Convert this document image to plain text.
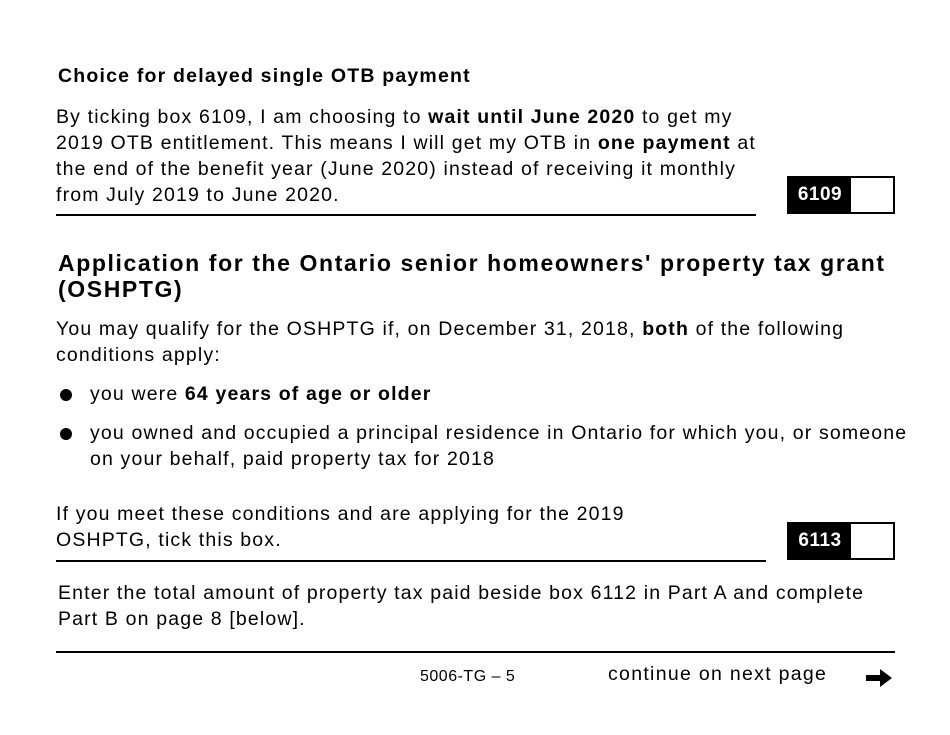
Choice for delayed single OTB payment

By ticking box 6109, I am choosing to wait until June 2020 to get my 2019 OTB entitlement. This means I will get my OTB in one payment at the end of the benefit year (June 2020) instead of receiving it monthly from July 2019 to June 2020.	6109
Application for the Ontario senior homeowners' property tax grant (OSHPTG)

You may qualify for the OSHPTG if, on December 31, 2018, both of the following conditions apply:

you were 64 years of age or older
you owned and occupied a principal residence in Ontario for which you, or someone on your behalf, paid property tax for 2018

If you meet these conditions and are applying for the 2019 OSHPTG, tick this box.	6113

Enter the total amount of property tax paid beside box 6112 in Part A and complete Part B on page 8 [below].

5006-TG – 5	continue on next page
